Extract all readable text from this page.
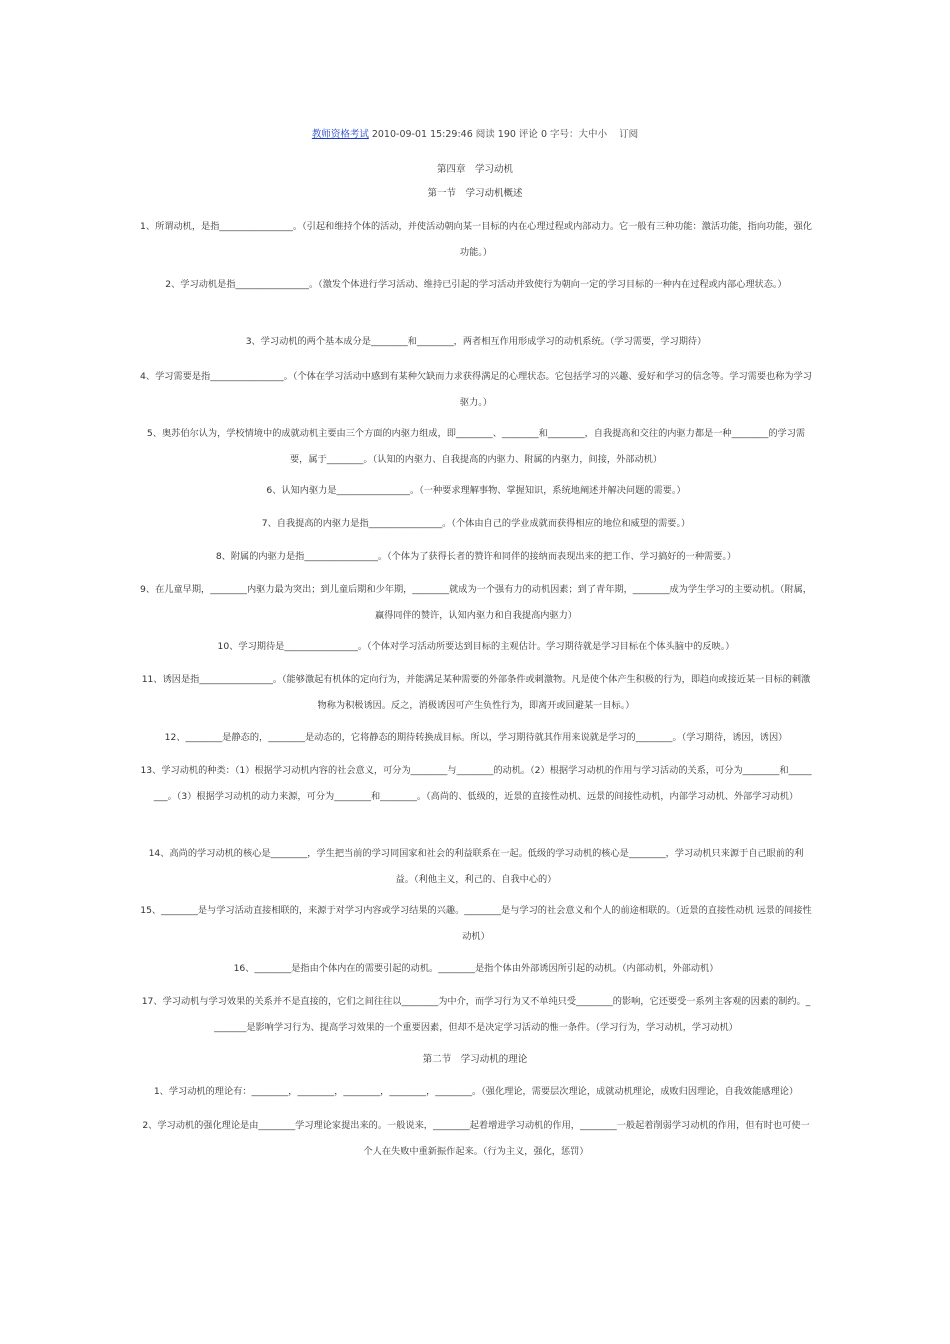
教师资格考试 2010-09-01 15:29:46 阅读 190 评论 0 字号：大中小 订阅
第四章　学习动机
第一节　学习动机概述
1、所谓动机，是指________________。（引起和维持个体的活动，并使活动朝向某一目标的内在心理过程或内部动力。它一般有三种功能：激活功能，指向功能，强化功能。）
2、学习动机是指________________。（激发个体进行学习活动、维持已引起的学习活动并致使行为朝向一定的学习目标的一种内在过程或内部心理状态。）
3、学习动机的两个基本成分是________和________，两者相互作用形成学习的动机系统。（学习需要，学习期待）
4、学习需要是指________________。（个体在学习活动中感到有某种欠缺而力求获得满足的心理状态。它包括学习的兴趣、爱好和学习的信念等。学习需要也称为学习驱力。）
5、奥苏伯尔认为，学校情境中的成就动机主要由三个方面的内驱力组成，即________、________和________，自我提高和交往的内驱力都是一种________的学习需要，属于________。（认知的内驱力、自我提高的内驱力、附属的内驱力，间接，外部动机）
6、认知内驱力是________________。（一种要求理解事物、掌握知识，系统地阐述并解决问题的需要。）
7、自我提高的内驱力是指________________。（个体由自己的学业成就而获得相应的地位和威望的需要。）
8、附属的内驱力是指________________。（个体为了获得长者的赞许和同伴的接纳而表现出来的把工作、学习搞好的一种需要。）
9、在儿童早期，________内驱力最为突出；到儿童后期和少年期，________就成为一个强有力的动机因素；到了青年期，________成为学生学习的主要动机。（附属，赢得同伴的赞许，认知内驱力和自我提高内驱力）
10、学习期待是________________。（个体对学习活动所要达到目标的主观估计。学习期待就是学习目标在个体头脑中的反映。）
11、诱因是指________________。（能够激起有机体的定向行为，并能满足某种需要的外部条件或刺激物。凡是使个体产生积极的行为，即趋向或接近某一目标的刺激物称为积极诱因。反之，消极诱因可产生负性行为，即离开或回避某一目标。）
12、________是静态的，________是动态的，它将静态的期待转换成目标。所以，学习期待就其作用来说就是学习的________。（学习期待，诱因，诱因）
13、学习动机的种类：（1）根据学习动机内容的社会意义，可分为________与________的动机。（2）根据学习动机的作用与学习活动的关系，可分为________和________。（3）根据学习动机的动力来源，可分为________和________。（高尚的、低级的，近景的直接性动机、远景的间接性动机，内部学习动机、外部学习动机）
14、高尚的学习动机的核心是________，学生把当前的学习同国家和社会的利益联系在一起。低级的学习动机的核心是________，学习动机只来源于自己眼前的利益。（利他主义，利己的、自我中心的）
15、________是与学习活动直接相联的，来源于对学习内容或学习结果的兴趣。________是与学习的社会意义和个人的前途相联的。（近景的直接性动机 远景的间接性动机）
16、________是指由个体内在的需要引起的动机。________是指个体由外部诱因所引起的动机。（内部动机，外部动机）
17、学习动机与学习效果的关系并不是直接的，它们之间往往以________为中介，而学习行为又不单纯只受________的影响，它还要受一系列主客观的因素的制约。________是影响学习行为、提高学习效果的一个重要因素，但却不是决定学习活动的惟一条件。（学习行为，学习动机，学习动机）
第二节　学习动机的理论
1、学习动机的理论有：________，________，________，________，________。（强化理论，需要层次理论，成就动机理论，成败归因理论，自我效能感理论）
2、学习动机的强化理论是由________学习理论家提出来的。一般说来，________起着增进学习动机的作用，________一般起着削弱学习动机的作用，但有时也可使一个人在失败中重新振作起来。（行为主义，强化，惩罚）
